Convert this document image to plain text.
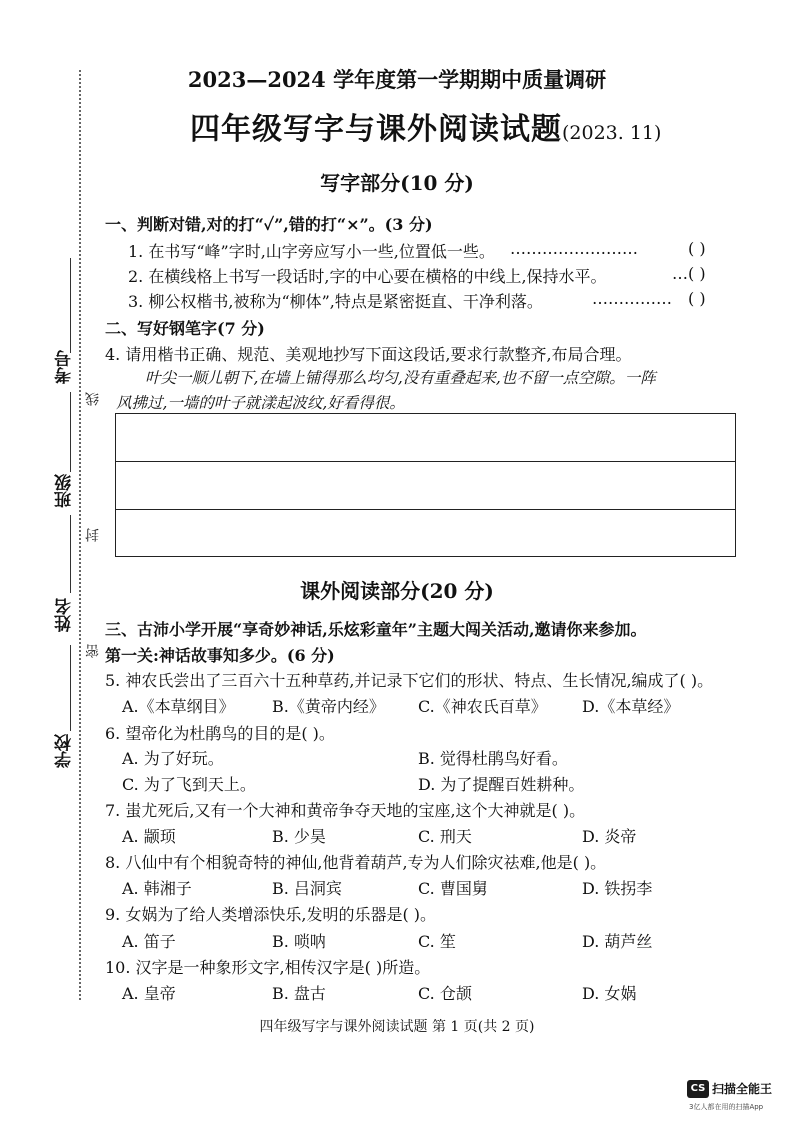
考号
班级
姓名
学校
线
封
密
2023—2024 学年度第一学期期中质量调研
四年级写字与课外阅读试题(2023. 11)
写字部分(10 分)
一、判断对错,对的打“✓”,错的打“×”。(3 分)
1. 在书写“峰”字时,山字旁应写小一些,位置低一些。 ……………………	( )
2. 在横线格上书写一段话时,字的中心要在横格的中线上,保持水平。	… ( )
3. 柳公权楷书,被称为“柳体”,特点是紧密挺直、干净利落。	…………… ( )
二、写好钢笔字(7 分)
4. 请用楷书正确、规范、美观地抄写下面这段话,要求行款整齐,布局合理。
叶尖一顺儿朝下,在墙上铺得那么均匀,没有重叠起来,也不留一点空隙。一阵
风拂过,一墙的叶子就漾起波纹,好看得很。
课外阅读部分(20 分)
三、古沛小学开展“享奇妙神话,乐炫彩童年”主题大闯关活动,邀请你来参加。
第一关:神话故事知多少。(6 分)
5. 神农氏尝出了三百六十五种草药,并记录下它们的形状、特点、生长情况,编成了( )。
A.《本草纲目》 B.《黄帝内经》 C.《神农氏百草》 D.《本草经》
6. 望帝化为杜鹃鸟的目的是( )。
A. 为了好玩。	B. 觉得杜鹃鸟好看。
C. 为了飞到天上。	D. 为了提醒百姓耕种。
7. 蚩尤死后,又有一个大神和黄帝争夺天地的宝座,这个大神就是( )。
A. 颛顼	B. 少昊	C. 刑天	D. 炎帝
8. 八仙中有个相貌奇特的神仙,他背着葫芦,专为人们除灾祛难,他是( )。
A. 韩湘子	B. 吕洞宾	C. 曹国舅	D. 铁拐李
9. 女娲为了给人类增添快乐,发明的乐器是( )。
A. 笛子	B. 唢呐	C. 笙	D. 葫芦丝
10. 汉字是一种象形文字,相传汉字是( )所造。
A. 皇帝	B. 盘古	C. 仓颉	D. 女娲
四年级写字与课外阅读试题 第 1 页(共 2 页)
CS 扫描全能王
3亿人都在用的扫描App
